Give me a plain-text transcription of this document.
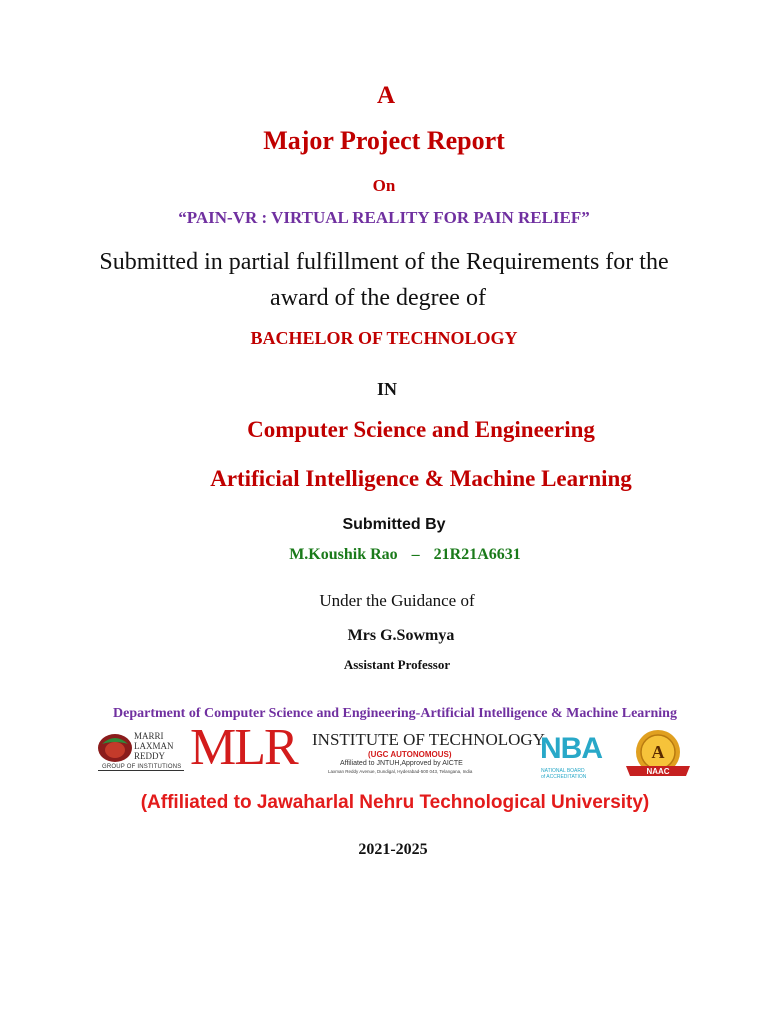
A
Major Project Report
On
“PAIN-VR : VIRTUAL REALITY FOR PAIN RELIEF”
Submitted in partial fulfillment of the Requirements for the
award of the degree of
BACHELOR OF TECHNOLOGY
IN
Computer Science and Engineering
Artificial Intelligence & Machine Learning
Submitted By
M.Koushik Rao – 21R21A6631
Under the Guidance of
Mrs G.Sowmya
Assistant Professor
Department of Computer Science and Engineering-Artificial Intelligence & Machine Learning
MARRI
LAXMAN
REDDY
GROUP OF INSTITUTIONS MLR INSTITUTE OF TECHNOLOGY
(UGC AUTONOMOUS)
Affiliated to JNTUH,Approved by AICTE
Laxman Reddy Avenue, Dundigal, Hyderabad-500 043, Telangana, India
NBA
NATIONAL BOARD
of ACCREDITATION
A
NAAC
(Affiliated to Jawaharlal Nehru Technological University)
2021-2025
